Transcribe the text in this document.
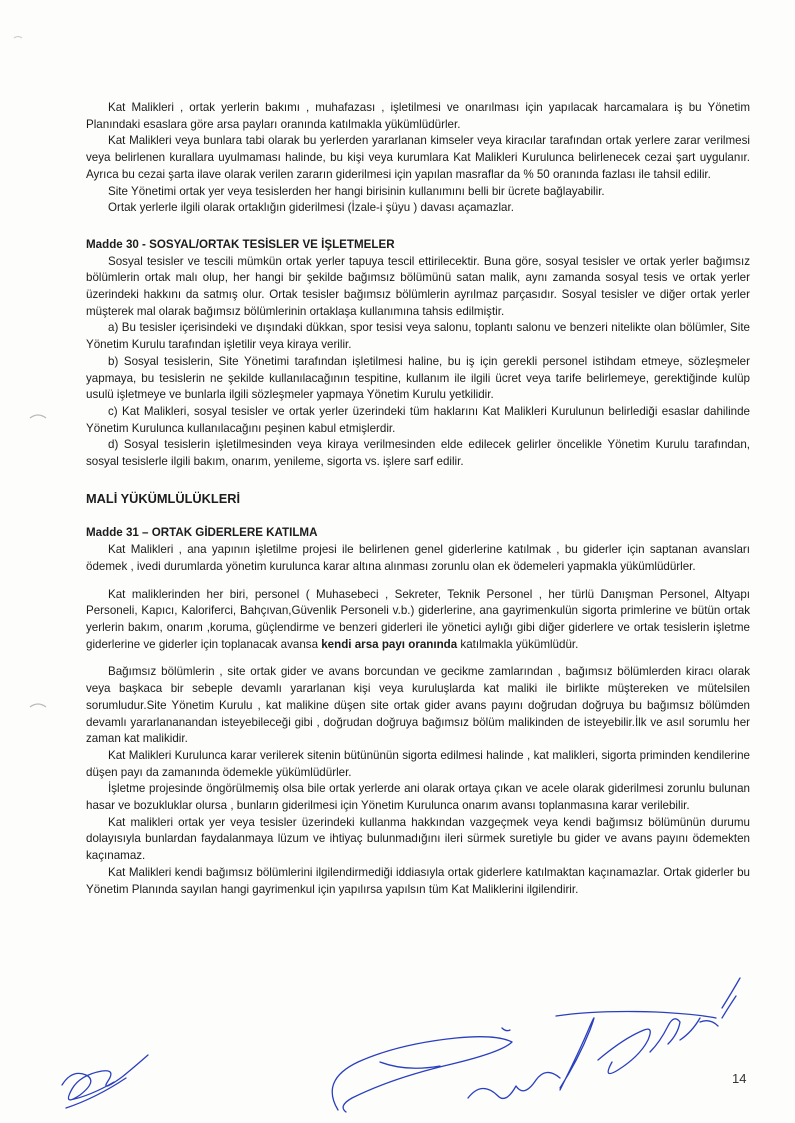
Kat Malikleri , ortak yerlerin bakımı , muhafazası , işletilmesi ve onarılması için yapılacak harcamalara iş bu Yönetim Planındaki esaslara göre arsa payları oranında katılmakla yükümlüdürler.

Kat Malikleri veya bunlara tabi olarak bu yerlerden yararlanan kimseler veya kiracılar tarafından ortak yerlere zarar verilmesi veya belirlenen kurallara uyulmaması halinde, bu kişi veya kurumlara Kat Malikleri Kurulunca belirlenecek cezai şart uygulanır. Ayrıca bu cezai şarta ilave olarak verilen zararın giderilmesi için yapılan masraflar da % 50 oranında fazlası ile tahsil edilir.

Site Yönetimi ortak yer veya tesislerden her hangi birisinin kullanımını belli bir ücrete bağlayabilir.

Ortak yerlerle ilgili olarak ortaklığın giderilmesi (İzale-i şüyu ) davası açamazlar.

Madde 30 - SOSYAL/ORTAK TESİSLER VE İŞLETMELER

Sosyal tesisler ve tescili mümkün ortak yerler tapuya tescil ettirilecektir. Buna göre, sosyal tesisler ve ortak yerler bağımsız bölümlerin ortak malı olup, her hangi bir şekilde bağımsız bölümünü satan malik, aynı zamanda sosyal tesis ve ortak yerler üzerindeki hakkını da satmış olur. Ortak tesisler bağımsız bölümlerin ayrılmaz parçasıdır. Sosyal tesisler ve diğer ortak yerler müşterek mal olarak bağımsız bölümlerinin ortaklaşa kullanımına tahsis edilmiştir.

a) Bu tesisler içerisindeki ve dışındaki dükkan, spor tesisi veya salonu, toplantı salonu ve benzeri nitelikte olan bölümler, Site Yönetim Kurulu tarafından işletilir veya kiraya verilir.

b) Sosyal tesislerin, Site Yönetimi tarafından işletilmesi haline, bu iş için gerekli personel istihdam etmeye, sözleşmeler yapmaya, bu tesislerin ne şekilde kullanılacağının tespitine, kullanım ile ilgili ücret veya tarife belirlemeye, gerektiğinde kulüp usulü işletmeye ve bunlarla ilgili sözleşmeler yapmaya Yönetim Kurulu yetkilidir.

c) Kat Malikleri, sosyal tesisler ve ortak yerler üzerindeki tüm haklarını Kat Malikleri Kurulunun belirlediği esaslar dahilinde Yönetim Kurulunca kullanılacağını peşinen kabul etmişlerdir.

d) Sosyal tesislerin işletilmesinden veya kiraya verilmesinden elde edilecek gelirler öncelikle Yönetim Kurulu tarafından, sosyal tesislerle ilgili bakım, onarım, yenileme, sigorta vs. işlere sarf edilir.

MALİ YÜKÜMLÜLÜKLERİ
Madde 31 – ORTAK GİDERLERE KATILMA

Kat Malikleri , ana yapının işletilme projesi ile belirlenen genel giderlerine katılmak , bu giderler için saptanan avansları ödemek , ivedi durumlarda yönetim kurulunca karar altına alınması zorunlu olan ek ödemeleri yapmakla yükümlüdürler.

Kat maliklerinden her biri, personel ( Muhasebeci , Sekreter, Teknik Personel , her türlü Danışman Personel, Altyapı Personeli, Kapıcı, Kaloriferci, Bahçıvan,Güvenlik Personeli v.b.) giderlerine, ana gayrimenkulün sigorta primlerine ve bütün ortak yerlerin bakım, onarım ,koruma, güçlendirme ve benzeri giderleri ile yönetici aylığı gibi diğer giderlere ve ortak tesislerin işletme giderlerine ve giderler için toplanacak avansa kendi arsa payı oranında katılmakla yükümlüdür.

Bağımsız bölümlerin , site ortak gider ve avans borcundan ve gecikme zamlarından , bağımsız bölümlerden kiracı olarak veya başkaca bir sebeple devamlı yararlanan kişi veya kuruluşlarda kat maliki ile birlikte müştereken ve mütelsilen sorumludur.Site Yönetim Kurulu , kat malikine düşen site ortak gider avans payını doğrudan doğruya bu bağımsız bölümden devamlı yararlananandan isteyebileceği gibi , doğrudan doğruya bağımsız bölüm malikinden de isteyebilir.İlk ve asıl sorumlu her zaman kat malikidir.

Kat Malikleri Kurulunca karar verilerek sitenin bütününün sigorta edilmesi halinde , kat malikleri, sigorta priminden kendilerine düşen payı da zamanında ödemekle yükümlüdürler.

İşletme projesinde öngörülmemiş olsa bile ortak yerlerde ani olarak ortaya çıkan ve acele olarak giderilmesi zorunlu bulunan hasar ve bozukluklar olursa , bunların giderilmesi için Yönetim Kurulunca onarım avansı toplanmasına karar verilebilir.

Kat malikleri ortak yer veya tesisler üzerindeki kullanma hakkından vazgeçmek veya kendi bağımsız bölümünün durumu dolayısıyla bunlardan faydalanmaya lüzum ve ihtiyaç bulunmadığını ileri sürmek suretiyle bu gider ve avans payını ödemekten kaçınamaz.

Kat Malikleri kendi bağımsız bölümlerini ilgilendirmediği iddiasıyla ortak giderlere katılmaktan kaçınamazlar. Ortak giderler bu Yönetim Planında sayılan hangi gayrimenkul için yapılırsa yapılsın tüm Kat Maliklerini ilgilendirir.

14
